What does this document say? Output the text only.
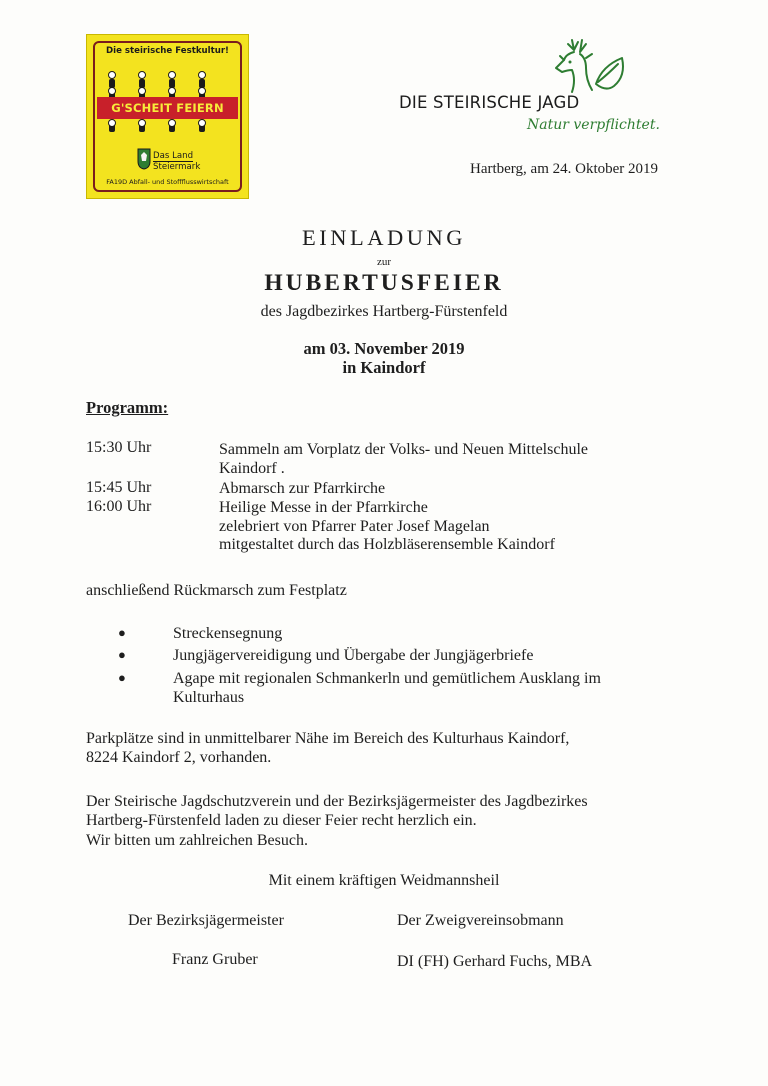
Die steirische Festkultur!
G'SCHEIT FEIERN
Das Land
Steiermark
FA19D Abfall- und Stoffflusswirtschaft
DIE STEIRISCHE JAGD
Natur verpflichtet.
Hartberg, am 24. Oktober 2019
EINLADUNG
zur
HUBERTUSFEIER
des Jagdbezirkes Hartberg-Fürstenfeld
am 03. November 2019
in Kaindorf
Programm:
15:30 Uhr	Sammeln am Vorplatz der Volks- und Neuen Mittelschule
Kaindorf .
15:45 Uhr	Abmarsch zur Pfarrkirche
16:00 Uhr	Heilige Messe in der Pfarrkirche
zelebriert von Pfarrer Pater Josef Magelan
mitgestaltet durch das Holzbläserensemble Kaindorf
anschließend Rückmarsch zum Festplatz
●	Streckensegnung
●	Jungjägervereidigung und Übergabe der Jungjägerbriefe
●	Agape mit regionalen Schmankerln und gemütlichem Ausklang im
Kulturhaus
Parkplätze sind in unmittelbarer Nähe im Bereich des Kulturhaus Kaindorf,
8224 Kaindorf 2, vorhanden.
Der Steirische Jagdschutzverein und der Bezirksjägermeister des Jagdbezirkes
Hartberg-Fürstenfeld laden zu dieser Feier recht herzlich ein.
Wir bitten um zahlreichen Besuch.
Mit einem kräftigen Weidmannsheil
Der Bezirksjägermeister	Der Zweigvereinsobmann
Franz Gruber	DI (FH) Gerhard Fuchs, MBA
